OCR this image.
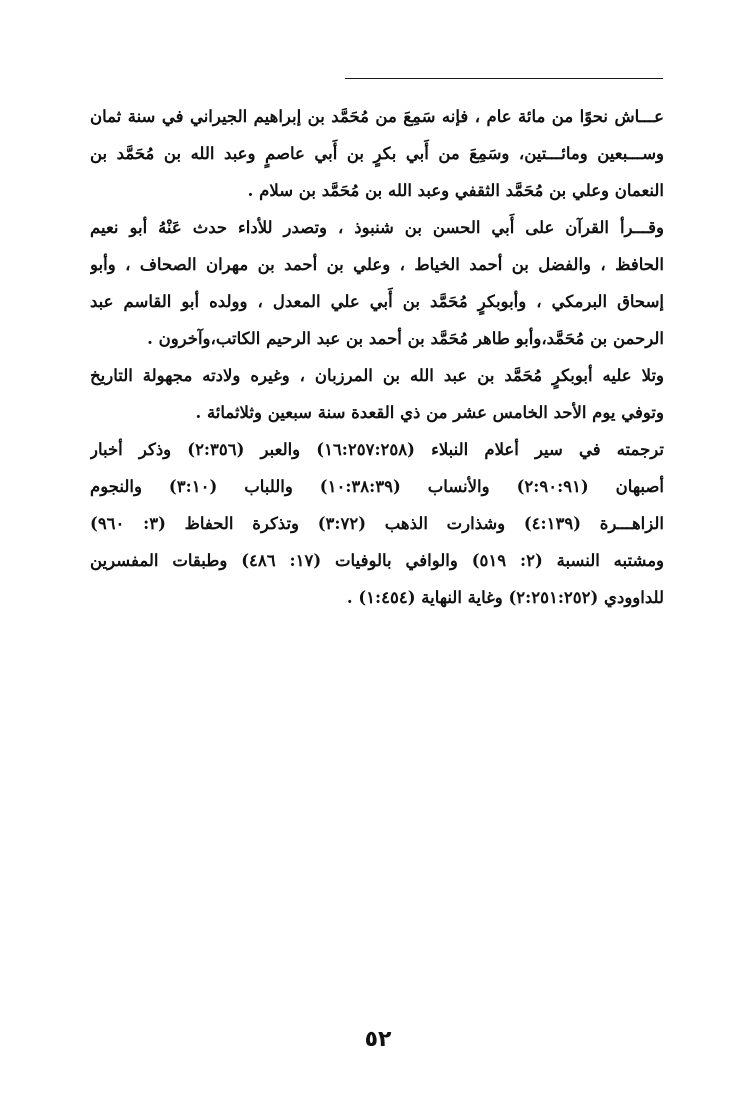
عـــاش نحوًا من مائة عام ، فإنه سَمِعَ من مُحَمَّد بن إبراهيم الجيراني في سنة ثمان
وســـبعين ومائـــتين، وسَمِعَ من أَبي بكرٍ بن أَبي عاصمٍ وعبد الله بن مُحَمَّد بن
النعمان وعلي بن مُحَمَّد الثقفي وعبد الله بن مُحَمَّد بن سلام .
وقـــرأ القرآن على أَبي الحسن بن شنبوذ ، وتصدر للأداء حدث عَنْهُ أبو نعيم
الحافظ ، والفضل بن أحمد الخياط ، وعلي بن أحمد بن مهران الصحاف ، وأبو
إسحاق البرمكي ، وأبوبكرٍ مُحَمَّد بن أَبي علي المعدل ، وولده أبو القاسم عبد
الرحمن بن مُحَمَّد،وأبو طاهر مُحَمَّد بن أحمد بن عبد الرحيم الكاتب،وآخرون .
وتلا عليه أبوبكرٍ مُحَمَّد بن عبد الله بن المرزبان ، وغيره ولادته مجهولة التاريخ
وتوفي يوم الأحد الخامس عشر من ذي القعدة سنة سبعين وثلاثمائة .
ترجمته في سير أعلام النبلاء (١٦:٢٥٧:٢٥٨) والعبر (٢:٣٥٦) وذكر أخبار
أصبهان (٢:٩٠:٩١) والأنساب (١٠:٣٨:٣٩) واللباب (٣:١٠) والنجوم
الزاهـــرة (٤:١٣٩) وشذارت الذهب (٣:٧٢) وتذكرة الحفاظ (٣: ٩٦٠)
ومشتبه النسبة (٢: ٥١٩) والوافي بالوفيات (١٧: ٤٨٦) وطبقات المفسرين
للداوودي (٢:٢٥١:٢٥٢) وغاية النهاية (١:٤٥٤) .
٥٢
